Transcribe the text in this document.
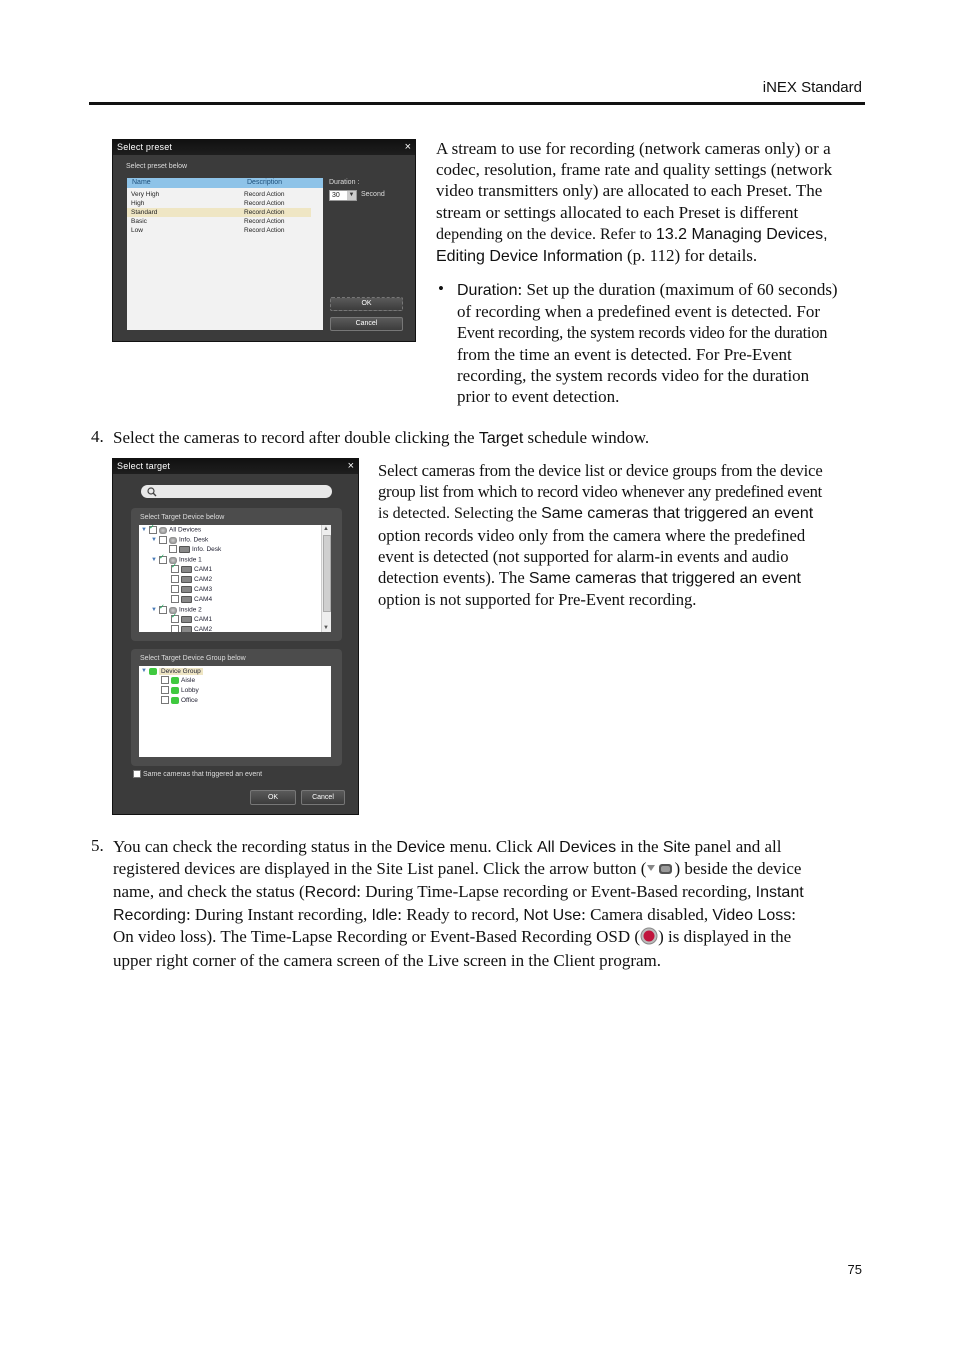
iNEX Standard
Select preset	×
Select preset below
Name	Description
Very High	Record Action
High	Record Action
Standard	Record Action
Basic	Record Action
Low	Record Action
Duration :
30 ▼ Second
OK
Cancel
A stream to use for recording (network cameras only) or a
codec, resolution, frame rate and quality settings (network
video transmitters only) are allocated to each Preset. The
stream or settings allocated to each Preset is different
depending on the device. Refer to 13.2 Managing Devices,
Editing Device Information (p. 112) for details.
• Duration: Set up the duration (maximum of 60 seconds)
of recording when a predefined event is detected. For
Event recording, the system records video for the duration
from the time an event is detected. For Pre-Event
recording, the system records video for the duration
prior to event detection.
4. Select the cameras to record after double clicking the Target schedule window.
Select target	×
Select Target Device below
▼ ✓	All Devices
▼	Info. Desk
Info. Desk
▼ ✓	Inside 1
✓CAM1
CAM2
CAM3
CAM4
▼ ✓	Inside 2
✓CAM1
CAM2
▲
▼
Select Target Device Group below
▼ Device Group
Aisle
Lobby
Office
Same cameras that triggered an event
OK	Cancel
Select cameras from the device list or device groups from the device
group list from which to record video whenever any predefined event
is detected. Selecting the Same cameras that triggered an event
option records video only from the camera where the predefined
event is detected (not supported for alarm-in events and audio
detection events). The Same cameras that triggered an event
option is not supported for Pre-Event recording.
5. You can check the recording status in the Device menu. Click All Devices in the Site panel and all
registered devices are displayed in the Site List panel. Click the arrow button ( ) beside the device
name, and check the status (Record: During Time-Lapse recording or Event-Based recording, Instant
Recording: During Instant recording, Idle: Ready to record, Not Use: Camera disabled, Video Loss:
On video loss). The Time-Lapse Recording or Event-Based Recording OSD ( ) is displayed in the
upper right corner of the camera screen of the Live screen in the Client program.
75
